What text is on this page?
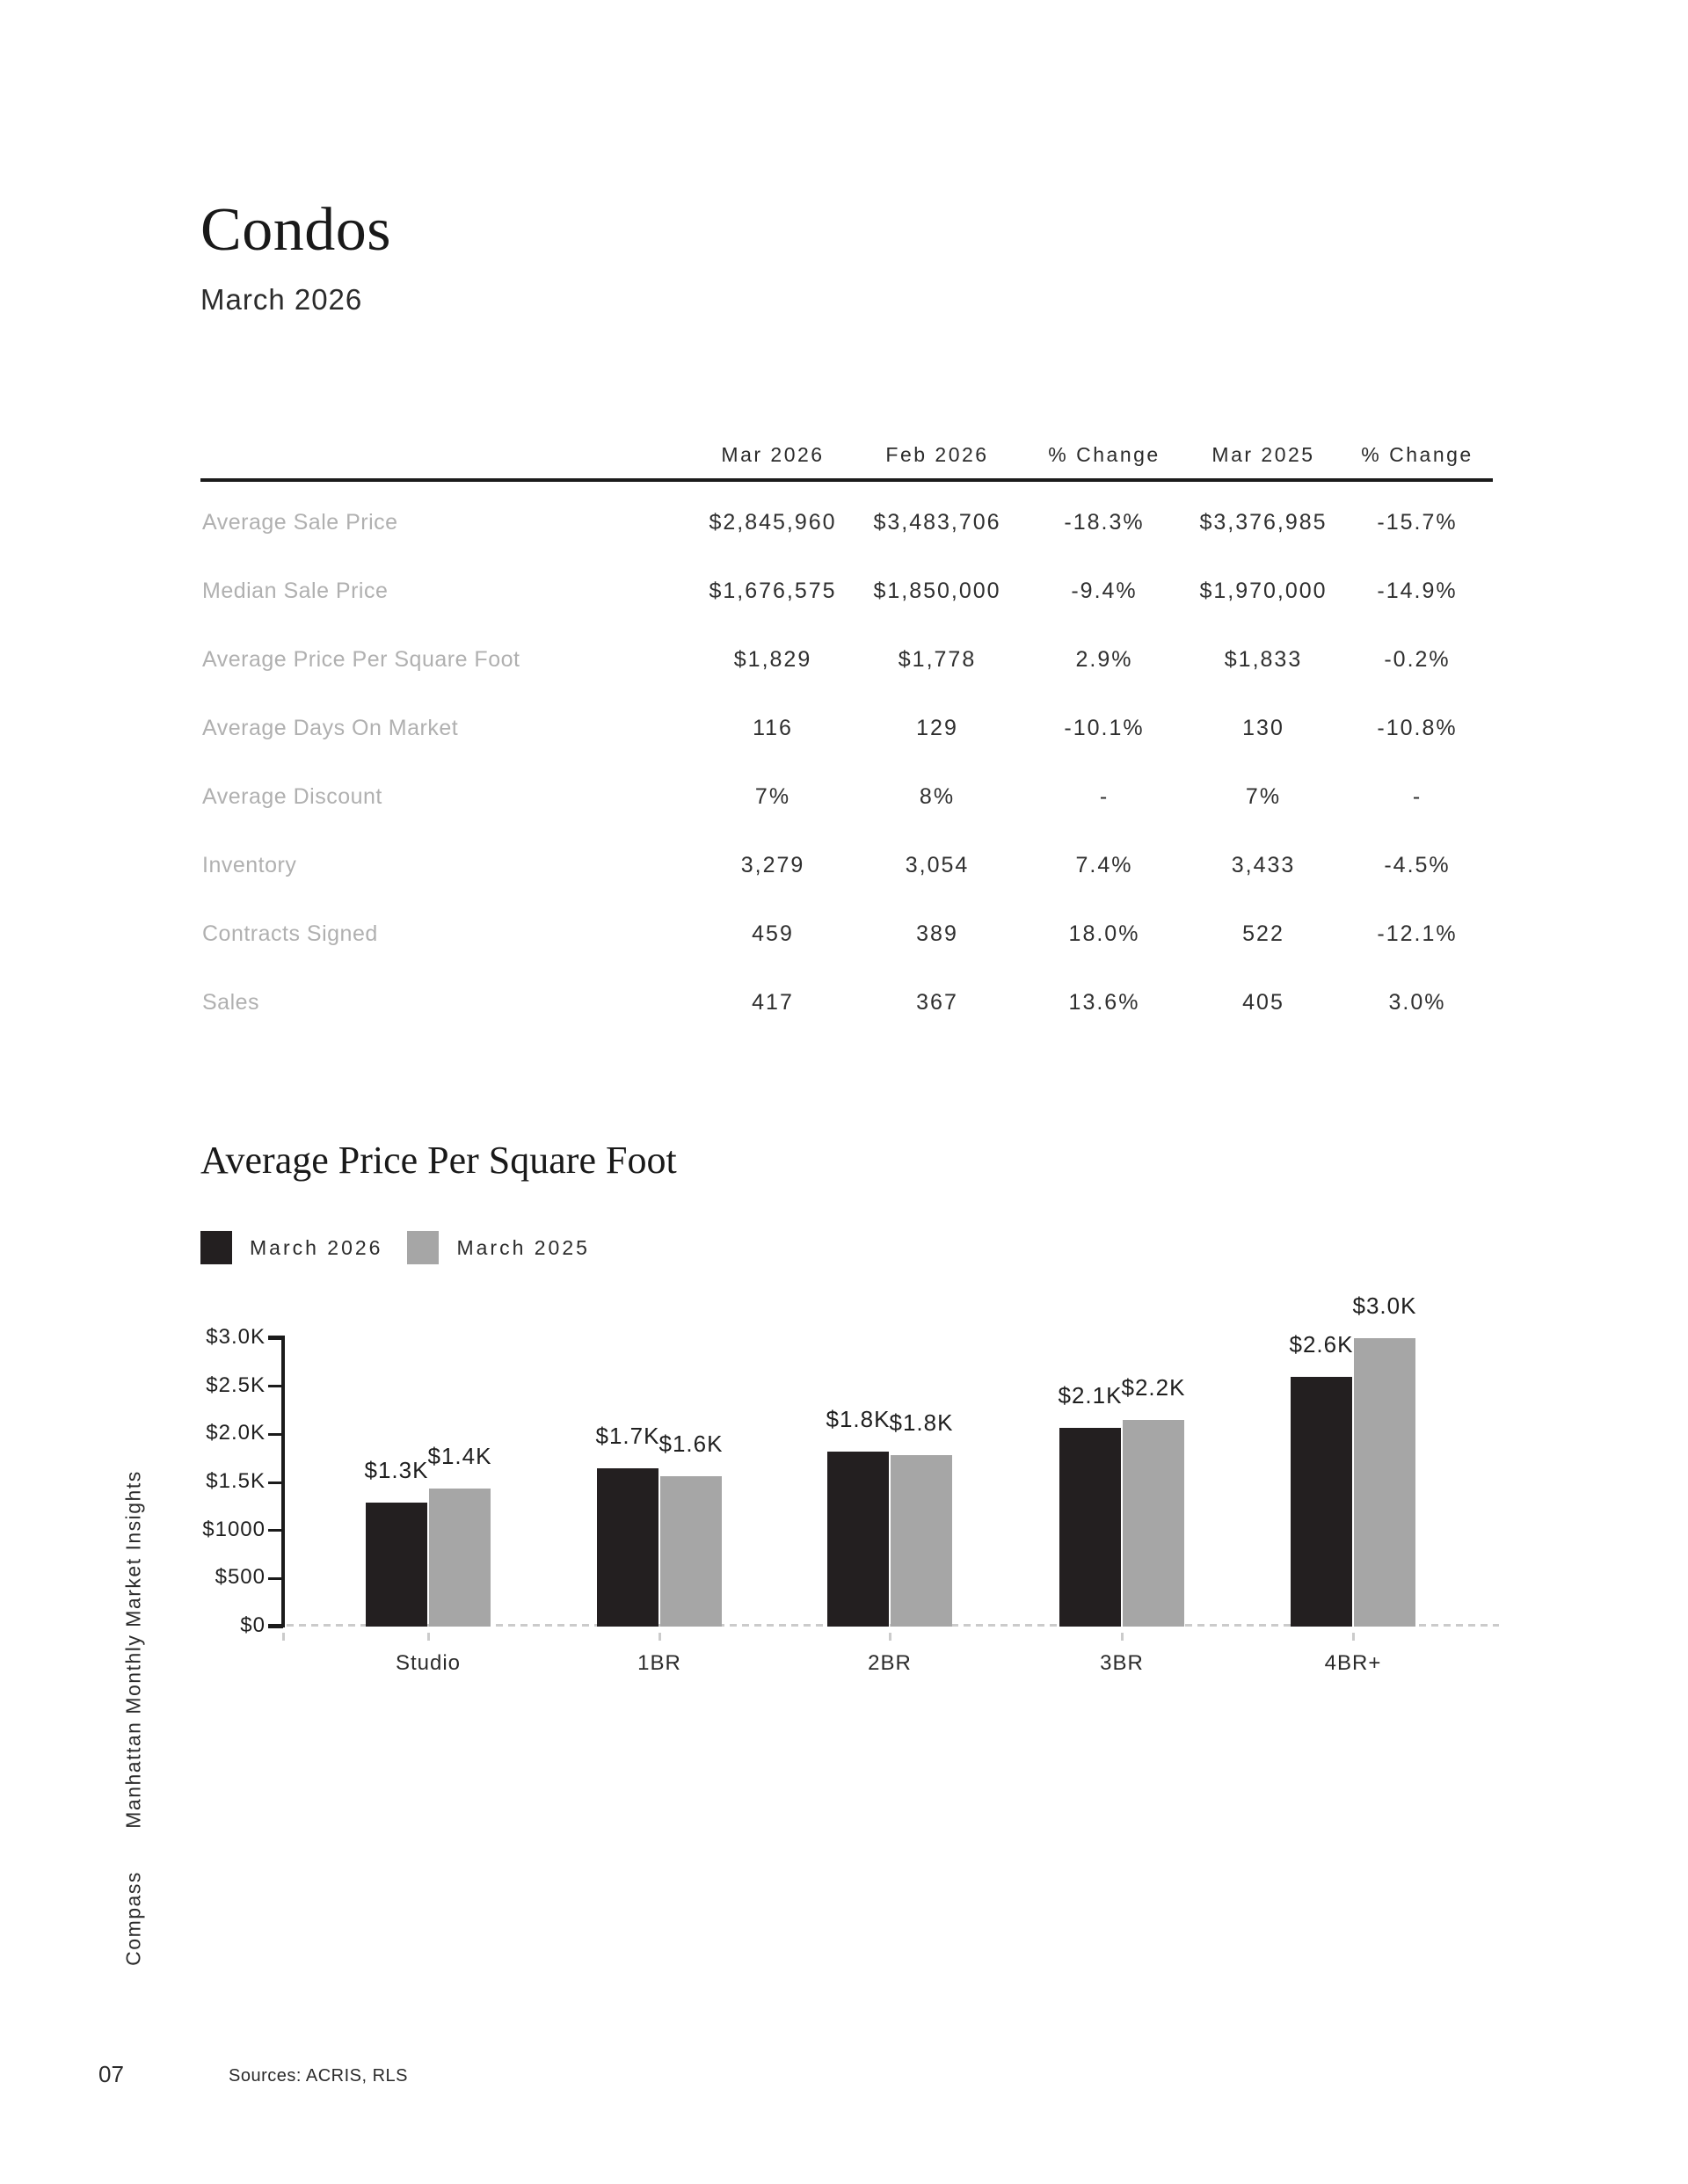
Condos
March 2026
Mar 2026	Feb 2026	% Change	Mar 2025	% Change
Average Sale Price	$2,845,960	$3,483,706	-18.3%	$3,376,985	-15.7%
Median Sale Price	$1,676,575	$1,850,000	-9.4%	$1,970,000	-14.9%
Average Price Per Square Foot	$1,829	$1,778	2.9%	$1,833	-0.2%
Average Days On Market	116	129	-10.1%	130	-10.8%
Average Discount	7%	8%	-	7%	-
Inventory	3,279	3,054	7.4%	3,433	-4.5%
Contracts Signed	459	389	18.0%	522	-12.1%
Sales	417	367	13.6%	405	3.0%
Average Price Per Square Foot
March 2026	March 2025
$3.0K
$2.5K
$2.0K
$1.5K
$1000
$500
$0
$1.3K
$1.4K
Studio
$1.7K $1.6K
1BR
$1.8K $1.8K
2BR
$2.1K $2.2K
3BR
$2.6K
$3.0K
4BR+
Manhattan Monthly Market Insights
Compass
07	Sources: ACRIS, RLS
